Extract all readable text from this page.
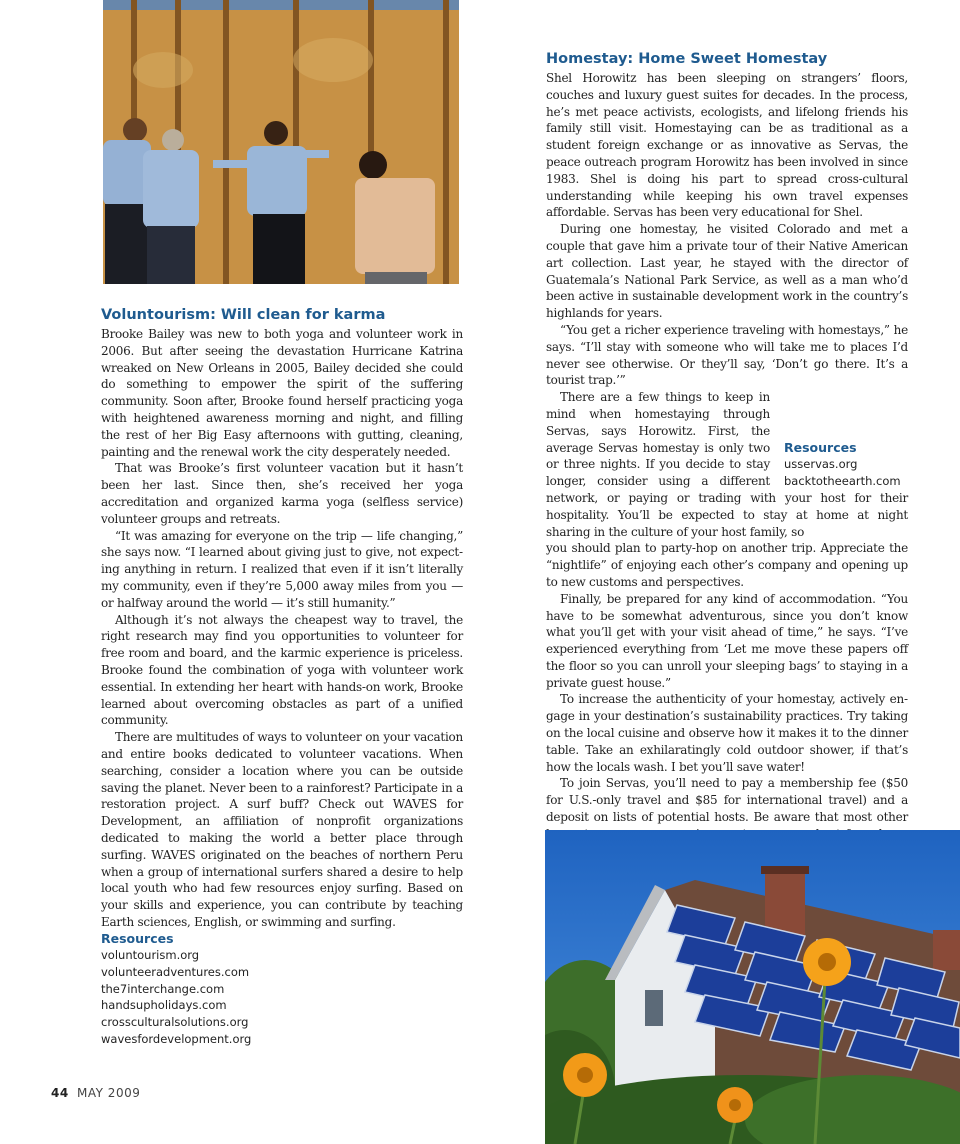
Voluntourism: Will clean for karma

Brooke Bailey was new to both yoga and volunteer work in 2006. But after seeing the devastation Hurricane Katrina wreaked on New Orleans in 2005, Bailey decided she could do something to empower the spirit of the suffering community. Soon after, Brooke found herself practicing yoga with heightened awareness morning and night, and filling the rest of her Big Easy afternoons with gutting, cleaning, painting and the renewal work the city desperately needed.

That was Brooke’s first volunteer vacation but it hasn’t been her last. Since then, she’s received her yoga accreditation and organized karma yoga (selfless service) volunteer groups and retreats.

“It was amazing for everyone on the trip — life changing,” she says now. “I learned about giving just to give, not expecting anything in return. I realized that even if it isn’t literally my community, even if they’re 5,000 away miles from you — or halfway around the world — it’s still humanity.”

Although it’s not always the cheapest way to travel, the right research may find you opportunities to volunteer for free room and board, and the karmic experience is priceless. Brooke found the combination of yoga with volunteer work essential. In extending her heart with hands-on work, Brooke learned about overcoming obstacles as part of a unified community.

There are multitudes of ways to volunteer on your vacation and entire books dedicated to volunteer vacations. When searching, consider a location where you can be outside saving the planet. Never been to a rainforest? Participate in a restoration project. A surf buff? Check out WAVES for Development, an affiliation of nonprofit organizations dedicated to making the world a better place through surfing. WAVES originated on the beaches of northern Peru when a group of international surfers shared a desire to help local youth who had few resources enjoy surfing. Based on your skills and experience, you can contribute by teaching Earth sciences, English, or swimming and surfing.

Resources
voluntourism.org
volunteeradventures.com
the7interchange.com
handsupholidays.com
crossculturalsolutions.org
wavesfordevelopment.org
Homestay: Home Sweet Homestay

Shel Horowitz has been sleeping on strangers’ floors, couches and luxury guest suites for decades. In the process, he’s met peace activists, ecologists, and lifelong friends his family still visit. Homestaying can be as traditional as a student foreign exchange or as innovative as Servas, the peace outreach program Horowitz has been involved in since 1983. Shel is doing his part to spread cross-cultural understanding while keeping his own travel expenses affordable. Servas has been very educational for Shel.

During one homestay, he visited Colorado and met a couple that gave him a private tour of their Native American art collection. Last year, he stayed with the director of Guatemala’s National Park Service, as well as a man who’d been active in sustainable development work in the country’s highlands for years.

“You get a richer experience traveling with homestays,” he says. “I’ll stay with someone who will take me to places I’d never see otherwise. Or they’ll say, ‘Don’t go there. It’s a tourist trap.’”

Resources
usservas.org
backtotheearth.com

There are a few things to keep in mind when homestaying through Servas, says Horowitz. First, the average Servas homestay is only two or three nights. If you decide to stay longer, consider using a different network, or paying or trading with your host for their hospitality. You’ll be expected to stay at home at night sharing in the culture of your host family, so

you should plan to party-hop on another trip. Appreciate the “nightlife” of enjoying each other’s company and opening up to new customs and perspectives.

Finally, be prepared for any kind of accommodation. “You have to be somewhat adventurous, since you don’t know what you’ll get with your visit ahead of time,” he says. “I’ve experienced everything from ‘Let me move these papers off the floor so you can unroll your sleeping bags’ to staying in a private guest house.”

To increase the authenticity of your homestay, actively engage in your destination’s sustainability practices. Try taking on the local cuisine and observe how it makes it to the dinner table. Take an exhilaratingly cold outdoor shower, if that’s how the locals wash. I bet you’ll save water!

To join Servas, you’ll need to pay a membership fee ($50 for U.S.-only travel and $85 for international travel) and a deposit on lists of potential hosts. Be aware that most other

44 MAY 2009
